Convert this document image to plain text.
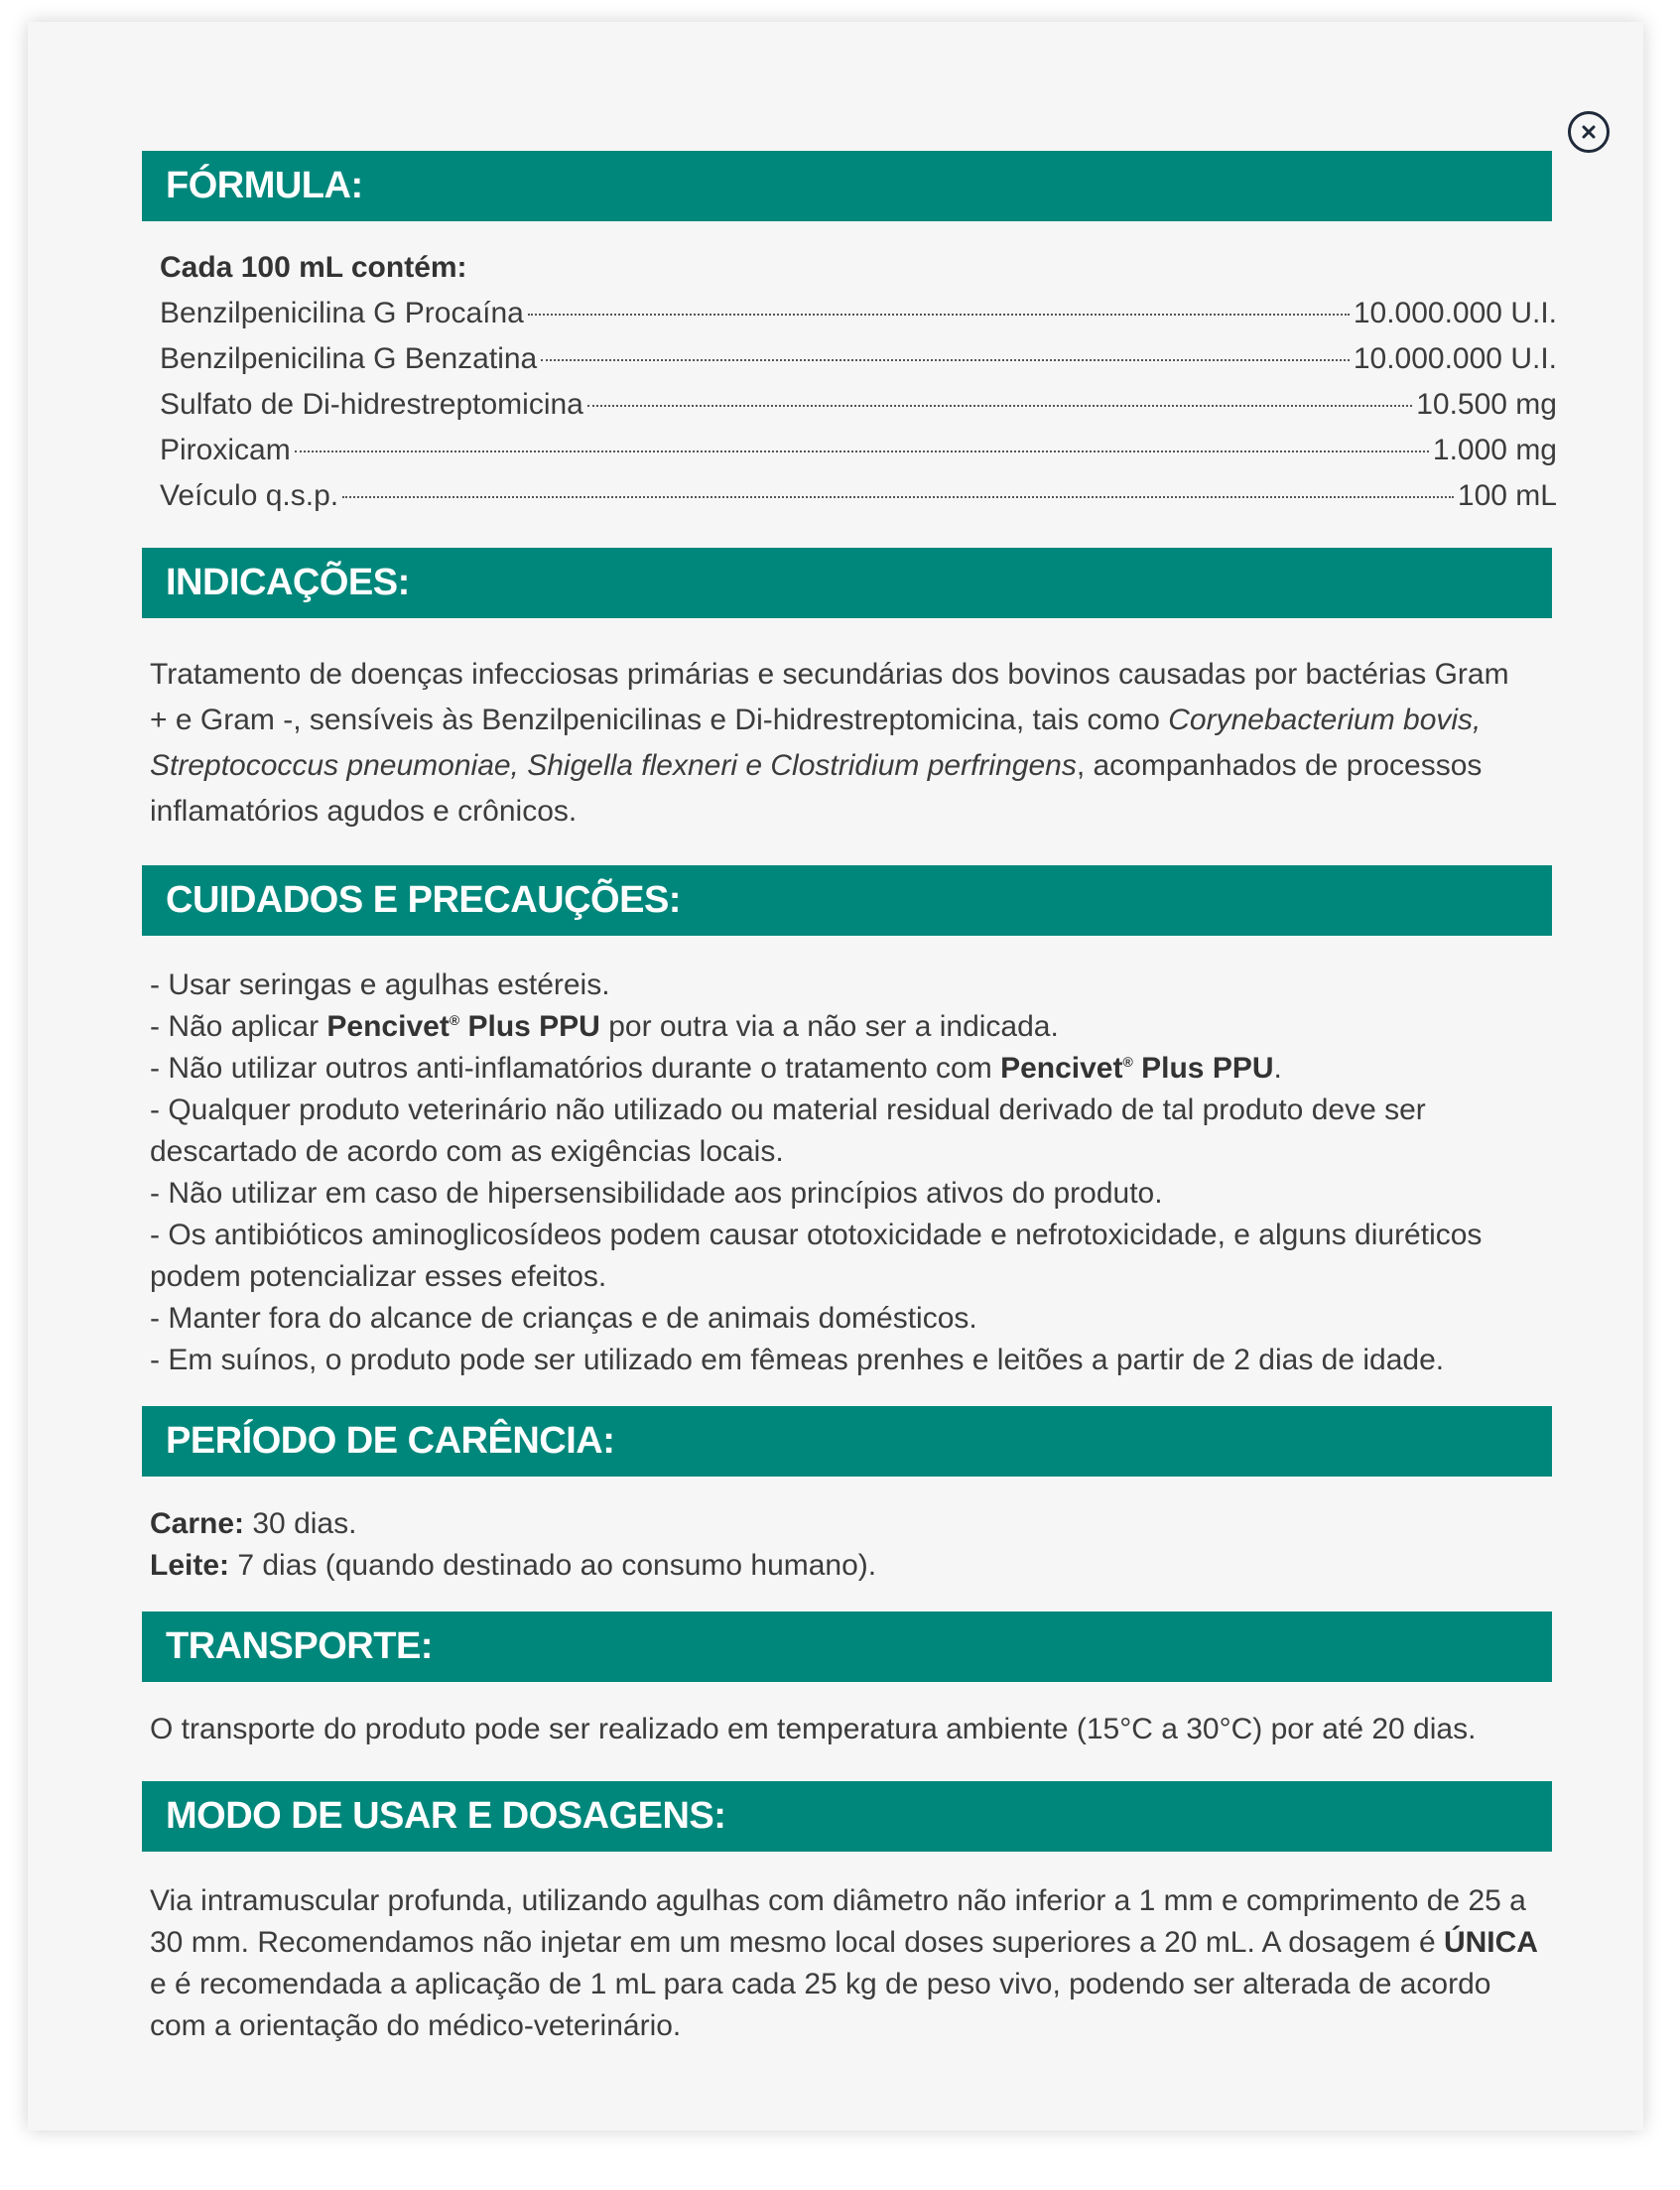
FÓRMULA:
Cada 100 mL contém:
Benzilpenicilina G Procaína	10.000.000 U.I.
Benzilpenicilina G Benzatina	10.000.000 U.I.
Sulfato de Di-hidrestreptomicina	10.500 mg
Piroxicam	1.000 mg
Veículo q.s.p.	100 mL
INDICAÇÕES:

Tratamento de doenças infecciosas primárias e secundárias dos bovinos causadas por bactérias Gram + e Gram -, sensíveis às Benzilpenicilinas e Di-hidrestreptomicina, tais como Corynebacterium bovis, Streptococcus pneumoniae, Shigella flexneri e Clostridium perfringens, acompanhados de processos inflamatórios agudos e crônicos.

CUIDADOS E PRECAUÇÕES:

- Usar seringas e agulhas estéreis.

- Não aplicar Pencivet® Plus PPU por outra via a não ser a indicada.

- Não utilizar outros anti-inflamatórios durante o tratamento com Pencivet® Plus PPU.

- Qualquer produto veterinário não utilizado ou material residual derivado de tal produto deve ser descartado de acordo com as exigências locais.

- Não utilizar em caso de hipersensibilidade aos princípios ativos do produto.

- Os antibióticos aminoglicosídeos podem causar ototoxicidade e nefrotoxicidade, e alguns diuréticos podem potencializar esses efeitos.

- Manter fora do alcance de crianças e de animais domésticos.

- Em suínos, o produto pode ser utilizado em fêmeas prenhes e leitões a partir de 2 dias de idade.

PERÍODO DE CARÊNCIA:

Carne: 30 dias.

Leite: 7 dias (quando destinado ao consumo humano).

TRANSPORTE:
O transporte do produto pode ser realizado em temperatura ambiente (15°C a 30°C) por até 20 dias.
MODO DE USAR E DOSAGENS:

Via intramuscular profunda, utilizando agulhas com diâmetro não inferior a 1 mm e comprimento de 25 a 30 mm. Recomendamos não injetar em um mesmo local doses superiores a 20 mL. A dosagem é ÚNICA e é recomendada a aplicação de 1 mL para cada 25 kg de peso vivo, podendo ser alterada de acordo com a orientação do médico-veterinário.
